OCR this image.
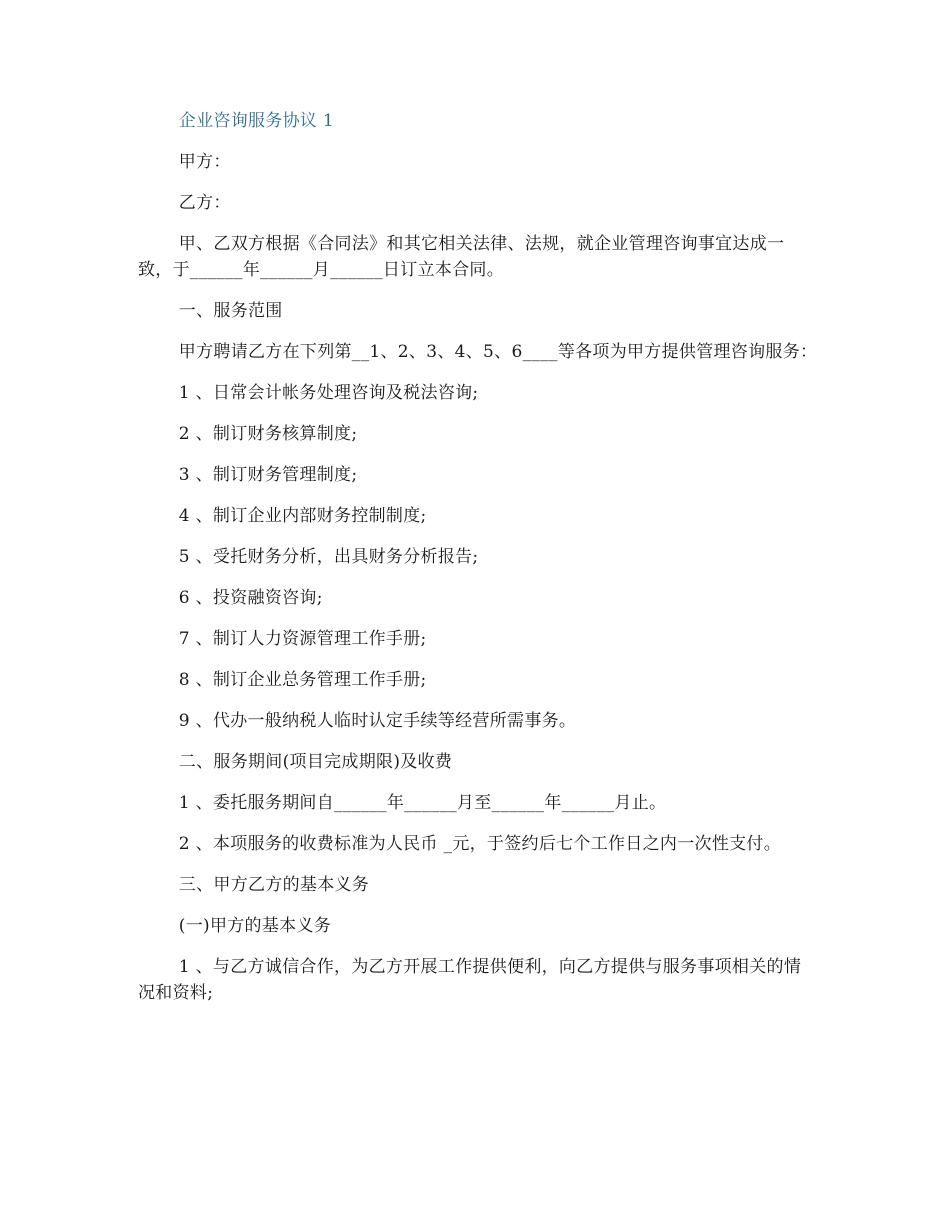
企业咨询服务协议 1

甲方：

乙方：

甲、乙双方根据《合同法》和其它相关法律、法规，就企业管理咨询事宜达成一致，于______年______月______日订立本合同。

一、服务范围

甲方聘请乙方在下列第__1、2、3、4、5、6____等各项为甲方提供管理咨询服务：

1 、日常会计帐务处理咨询及税法咨询;

2 、制订财务核算制度;

3 、制订财务管理制度;

4 、制订企业内部财务控制制度;

5 、受托财务分析，出具财务分析报告;

6 、投资融资咨询;

7 、制订人力资源管理工作手册;

8 、制订企业总务管理工作手册;

9 、代办一般纳税人临时认定手续等经营所需事务。

二、服务期间(项目完成期限)及收费

1 、委托服务期间自______年______月至______年______月止。

2 、本项服务的收费标准为人民币 _元，于签约后七个工作日之内一次性支付。

三、甲方乙方的基本义务

(一)甲方的基本义务

1 、与乙方诚信合作，为乙方开展工作提供便利，向乙方提供与服务事项相关的情况和资料;
